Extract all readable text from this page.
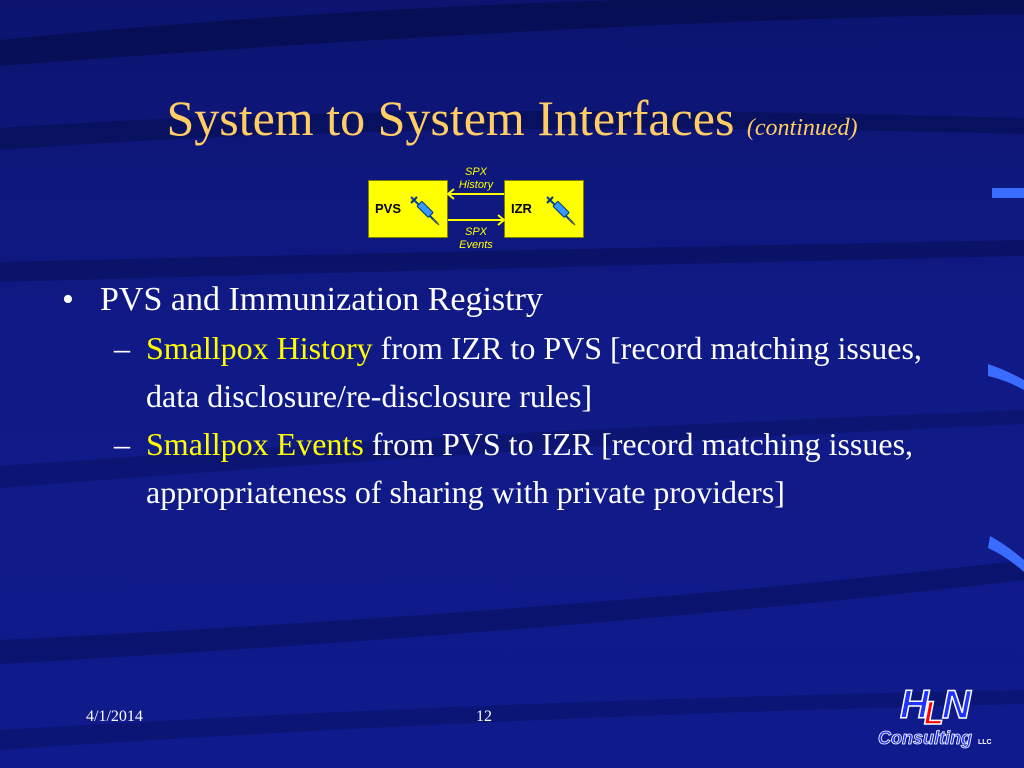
System to System Interfaces (continued)
PVS	IZR
SPX
History
SPX
Events
• PVS and Immunization Registry
– Smallpox History from IZR to PVS [record matching issues, data disclosure/re-disclosure rules]
– Smallpox Events from PVS to IZR [record matching issues, appropriateness of sharing with private providers]
4/1/2014	12	H
L
N
Consulting LLC
